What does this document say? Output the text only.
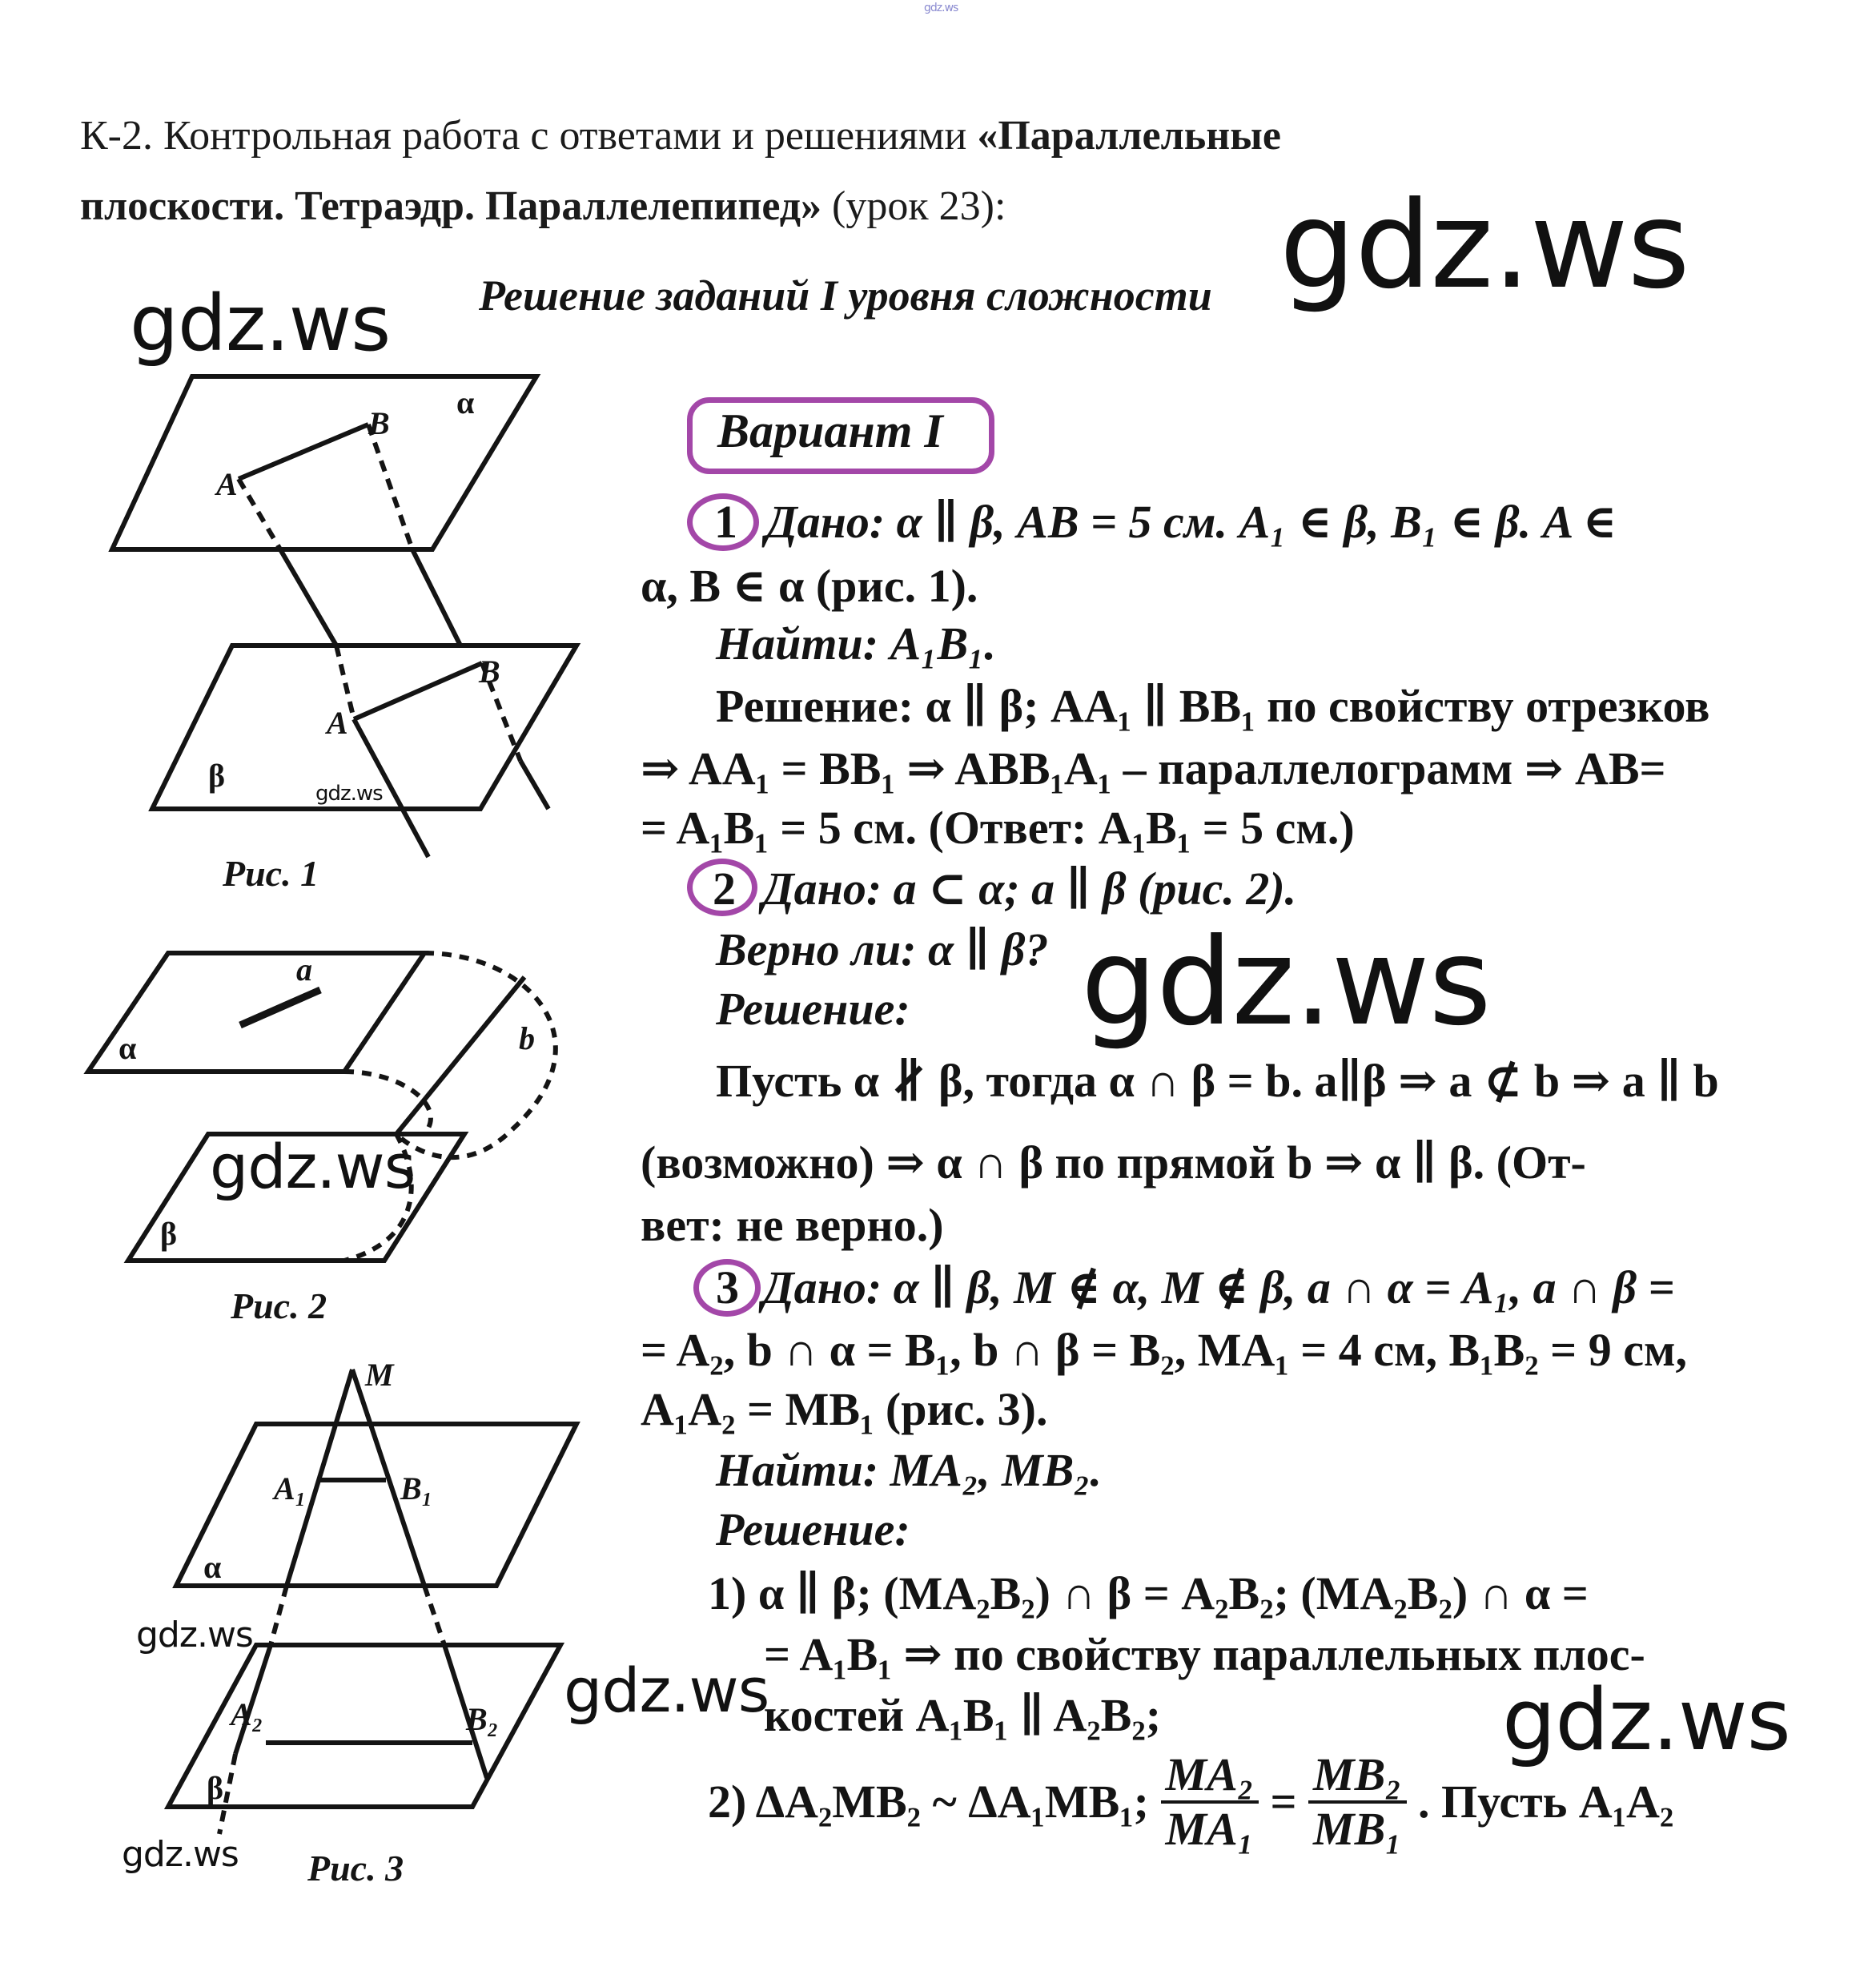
gdz.ws
К-2. Контрольная работа с ответами и решениями «Параллельные
плоскости. Тетраэдр. Параллелепипед» (урок 23):
Решение заданий I уровня сложности gdz.ws
gdz.ws
gdz.ws
gdz.ws
gdz.ws
gdz.ws
gdz.ws	gdz.ws
gdz.ws
Вариант I
B
A
α
B
A
β
Рис. 1
a
α	b
β
Рис. 2
M
A₁	B₁
α
A₂	B₂
β
Рис. 3
1 Дано: α ∥ β, AB = 5 см. A₁ ∈ β, B₁ ∈ β. A ∈
α, B ∈ α (рис. 1).
Найти: A₁B₁.
Решение: α ∥ β; AA₁ ∥ BB₁ по свойству отрезков
⇒ AA₁ = BB₁ ⇒ ABB₁A₁ – параллелограмм ⇒ AB=
= A₁B₁ = 5 см. (Ответ: A₁B₁ = 5 см.)
2 Дано: a ⊂ α; a ∥ β (рис. 2).
Верно ли: α ∥ β?
Решение:
Пусть α ∦ β, тогда α ∩ β = b. a∥β ⇒ a ⊄ b ⇒ a ∥ b
(возможно) ⇒ α ∩ β по прямой b ⇒ α ∥ β. (От-
вет: не верно.)
3 Дано: α ∥ β, M ∉ α, M ∉ β, a ∩ α = A₁, a ∩ β =
= A₂, b ∩ α = B₁, b ∩ β = B₂, MA₁ = 4 см, B₁B₂ = 9 см,
A₁A₂ = MB₁ (рис. 3).
Найти: MA₂, MB₂.
Решение:
1) α ∥ β; (MA₂B₂) ∩ β = A₂B₂; (MA₂B₂) ∩ α =
= A₁B₁ ⇒ по свойству параллельных плос-
костей A₁B₁ ∥ A₂B₂;
2) ΔA₂MB₂ ~ ΔA₁MB₁; $\frac{\text{MA₂}}{\text{MA₁}} = \frac{\text{MB₂}}{\text{MB₁}}$ . Пусть A₁A₂
